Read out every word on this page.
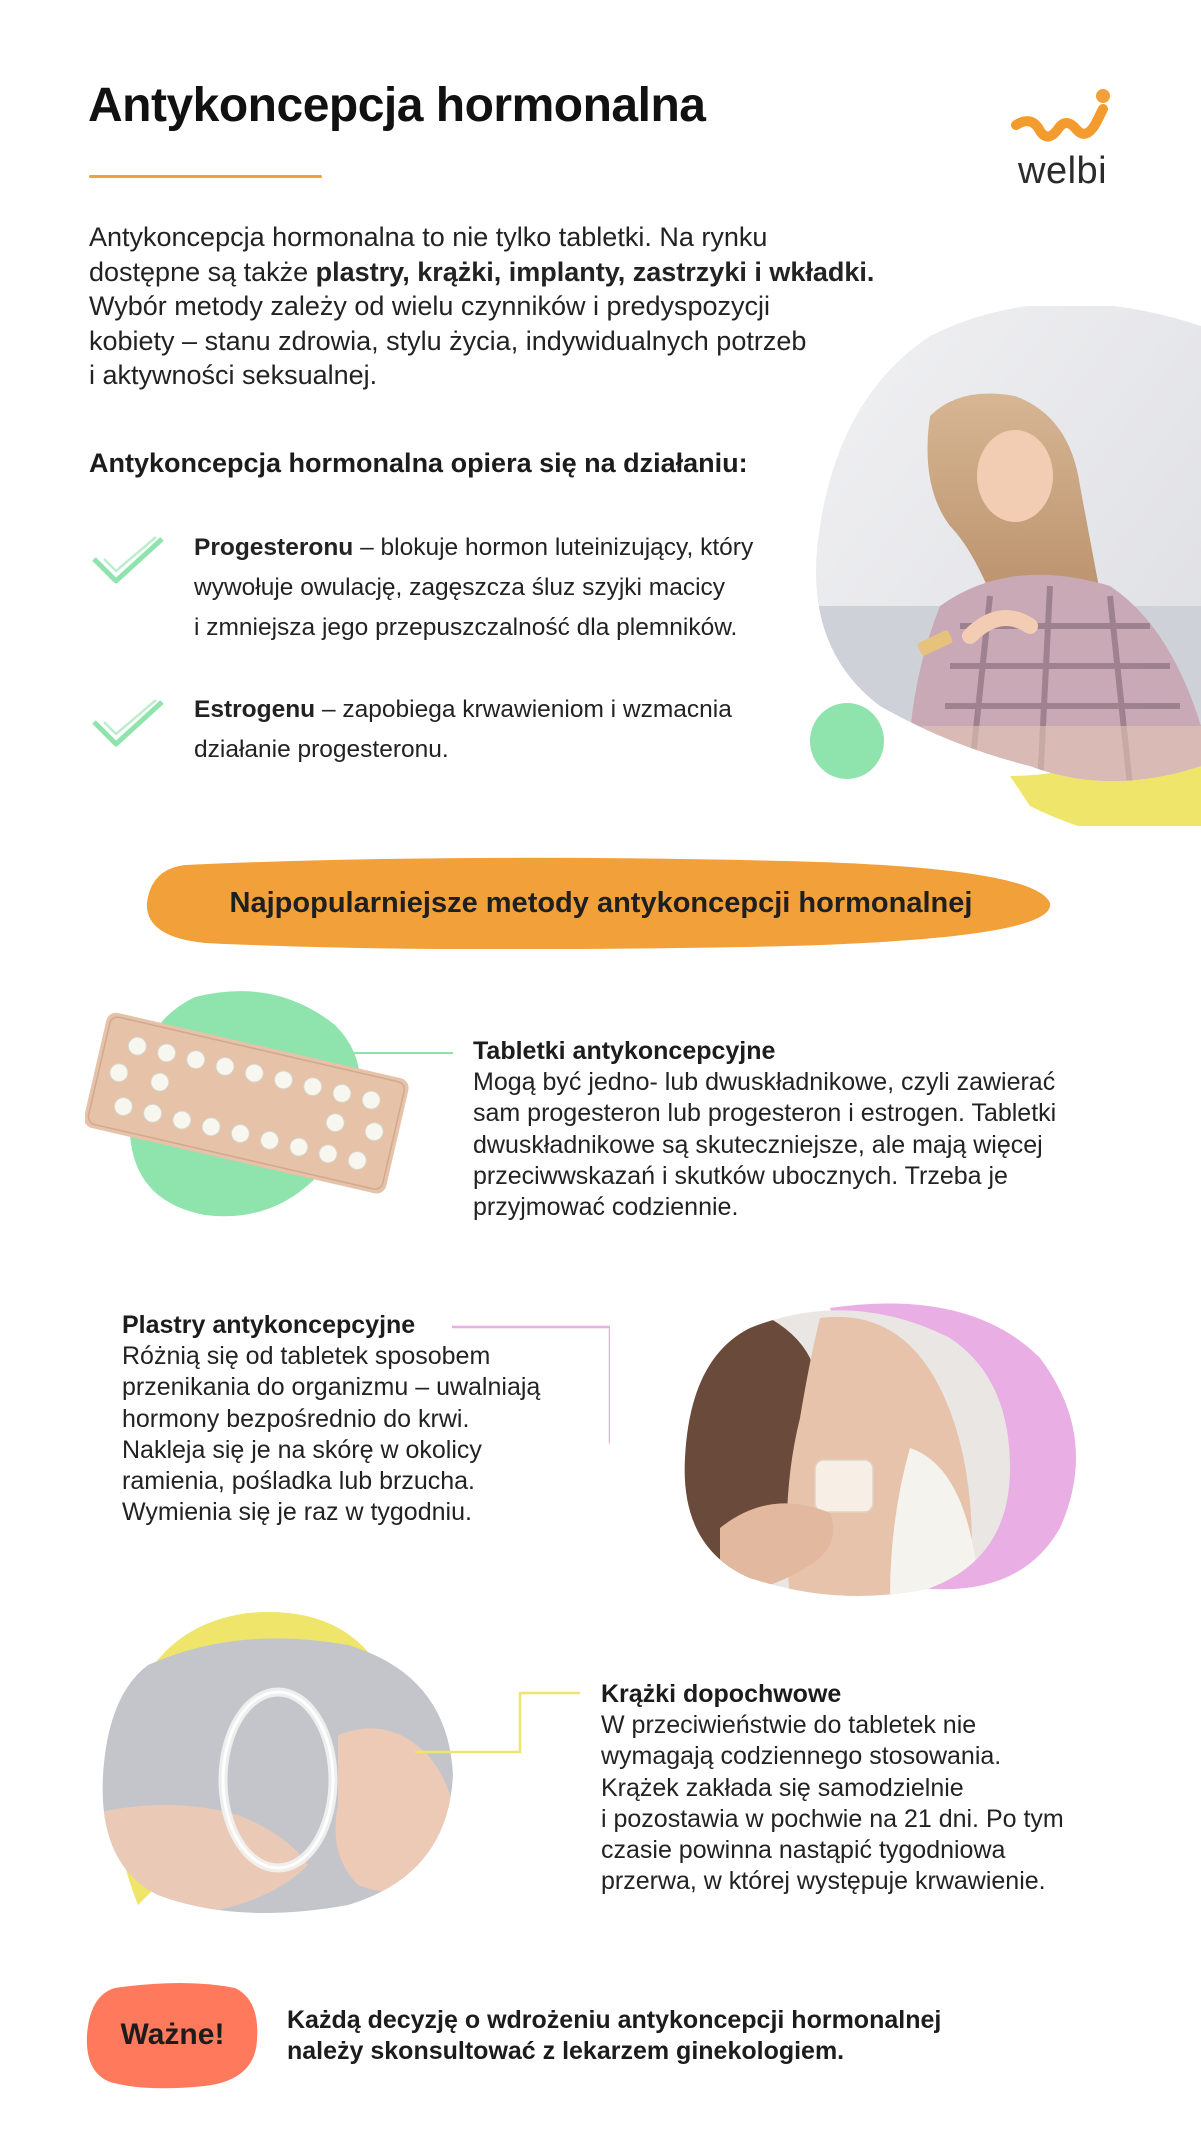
Antykoncepcja hormonalna
welbi

Antykoncepcja hormonalna to nie tylko tabletki. Na rynku
dostępne są także plastry, krążki, implanty, zastrzyki i wkładki.
Wybór metody zależy od wielu czynników i predyspozycji
kobiety – stanu zdrowia, stylu życia, indywidualnych potrzeb
i aktywności seksualnej.

Antykoncepcja hormonalna opiera się na działaniu:

Progesteronu – blokuje hormon luteinizujący, który
wywołuje owulację, zagęszcza śluz szyjki macicy
i zmniejsza jego przepuszczalność dla plemników.

Estrogenu – zapobiega krwawieniom i wzmacnia
działanie progesteronu.

Najpopularniejsze metody antykoncepcji hormonalnej
Tabletki antykoncepcyjne

Mogą być jedno- lub dwuskładnikowe, czyli zawierać
sam progesteron lub progesteron i estrogen. Tabletki
dwuskładnikowe są skuteczniejsze, ale mają więcej
przeciwwskazań i skutków ubocznych. Trzeba je
przyjmować codziennie.

Plastry antykoncepcyjne

Różnią się od tabletek sposobem
przenikania do organizmu – uwalniają
hormony bezpośrednio do krwi.
Nakleja się je na skórę w okolicy
ramienia, pośladka lub brzucha.
Wymienia się je raz w tygodniu.

Krążki dopochwowe

W przeciwieństwie do tabletek nie
wymagają codziennego stosowania.
Krążek zakłada się samodzielnie
i pozostawia w pochwie na 21 dni. Po tym
czasie powinna nastąpić tygodniowa
przerwa, w której występuje krwawienie.

Ważne!	Każdą decyzję o wdrożeniu antykoncepcji hormonalnej
należy skonsultować z lekarzem ginekologiem.
